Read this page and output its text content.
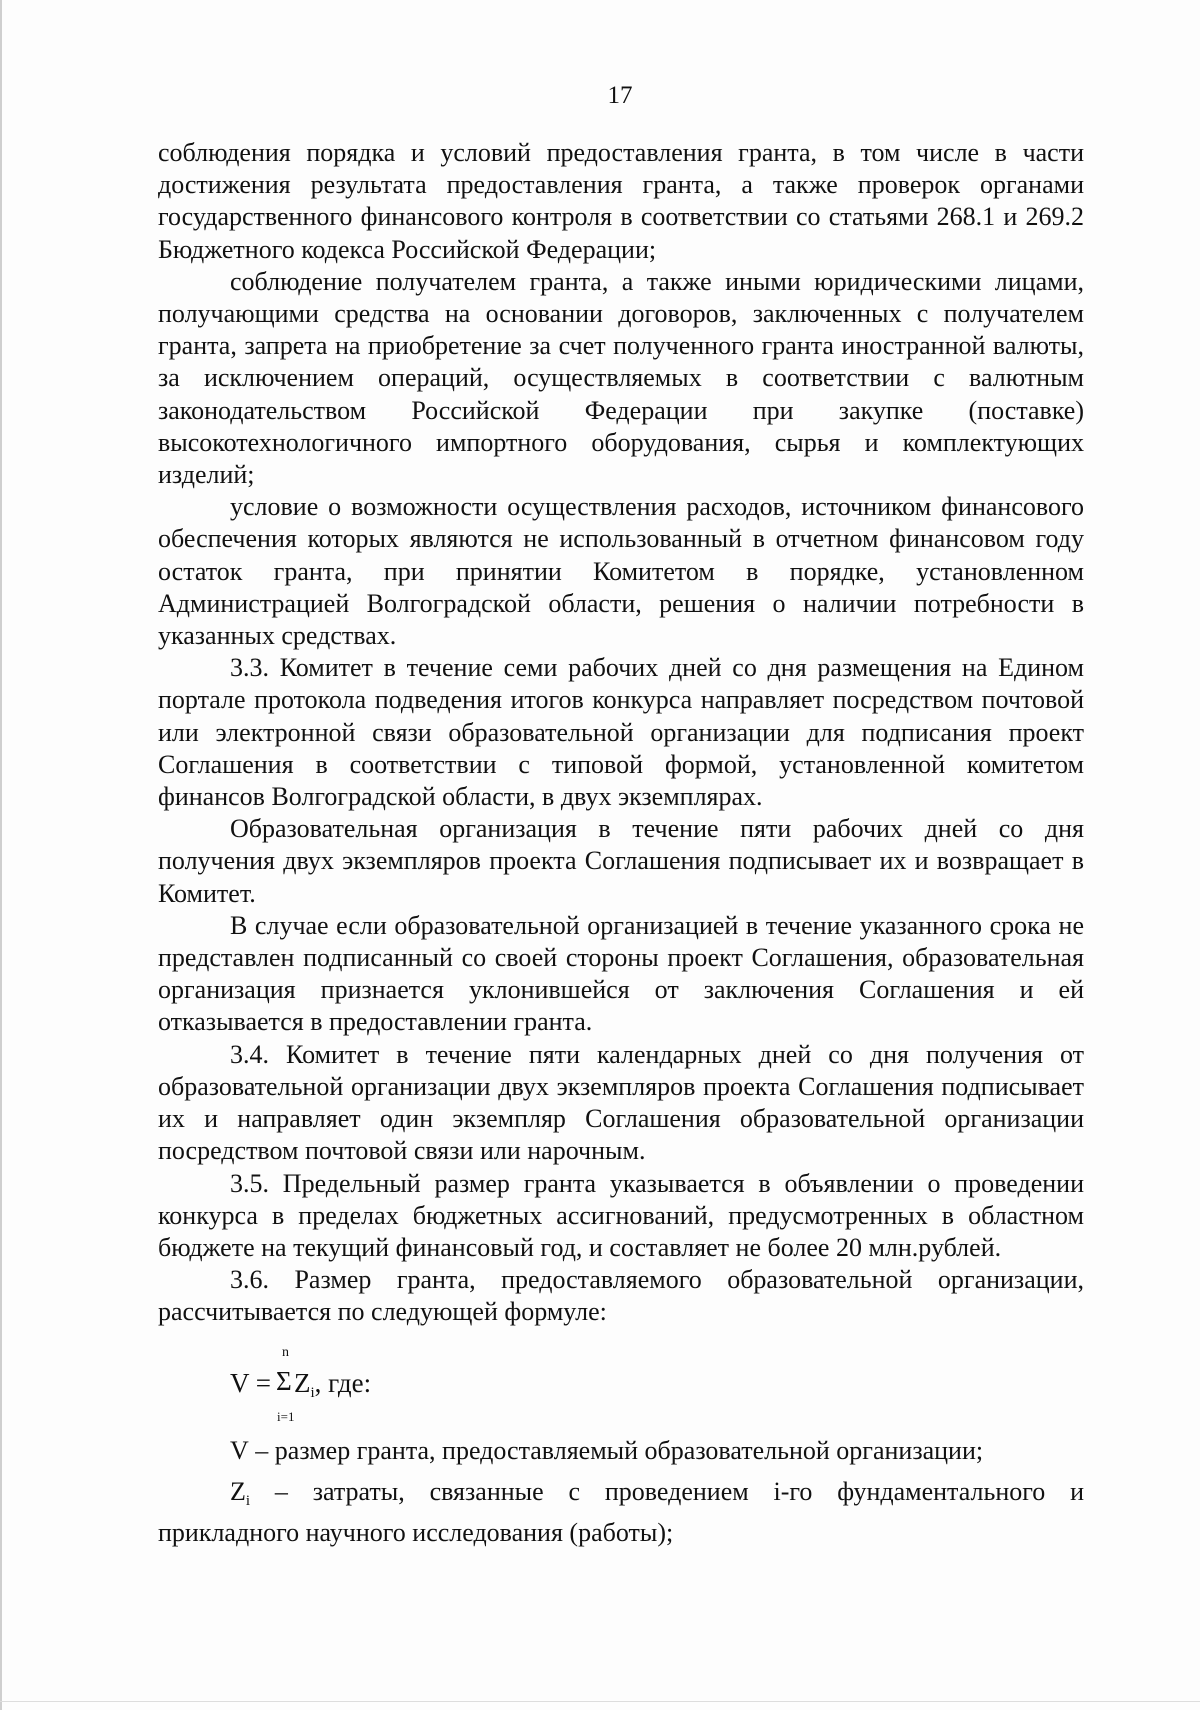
17

соблюдения порядка и условий предоставления гранта, в том числе в части достижения результата предоставления гранта, а также проверок органами государственного финансового контроля в соответствии со статьями 268.1 и 269.2 Бюджетного кодекса Российской Федерации;

соблюдение получателем гранта, а также иными юридическими лицами, получающими средства на основании договоров, заключенных с получателем гранта, запрета на приобретение за счет полученного гранта иностранной валюты, за исключением операций, осуществляемых в соответствии с валютным законодательством Российской Федерации при закупке (поставке) высокотехнологичного импортного оборудования, сырья и комплектующих изделий;

условие о возможности осуществления расходов, источником финансового обеспечения которых являются не использованный в отчетном финансовом году остаток гранта, при принятии Комитетом в порядке, установленном Администрацией Волгоградской области, решения о наличии потребности в указанных средствах.

3.3. Комитет в течение семи рабочих дней со дня размещения на Едином портале протокола подведения итогов конкурса направляет посредством почтовой или электронной связи образовательной организации для подписания проект Соглашения в соответствии с типовой формой, установленной комитетом финансов Волгоградской области, в двух экземплярах.

Образовательная организация в течение пяти рабочих дней со дня получения двух экземпляров проекта Соглашения подписывает их и возвращает в Комитет.

В случае если образовательной организацией в течение указанного срока не представлен подписанный со своей стороны проект Соглашения, образовательная организация признается уклонившейся от заключения Соглашения и ей отказывается в предоставлении гранта.

3.4. Комитет в течение пяти календарных дней со дня получения от образовательной организации двух экземпляров проекта Соглашения подписывает их и направляет один экземпляр Соглашения образовательной организации посредством почтовой связи или нарочным.

3.5. Предельный размер гранта указывается в объявлении о проведении конкурса в пределах бюджетных ассигнований, предусмотренных в областном бюджете на текущий финансовый год, и составляет не более 20 млн.рублей.

3.6. Размер гранта, предоставляемого образовательной организации, рассчитывается по следующей формуле:

V =
n
Σ
i=1
$Z_i$, где:

V – размер гранта, предоставляемый образовательной организации;

$Z_i$ – затраты, связанные с проведением i-го фундаментального и прикладного научного исследования (работы);
